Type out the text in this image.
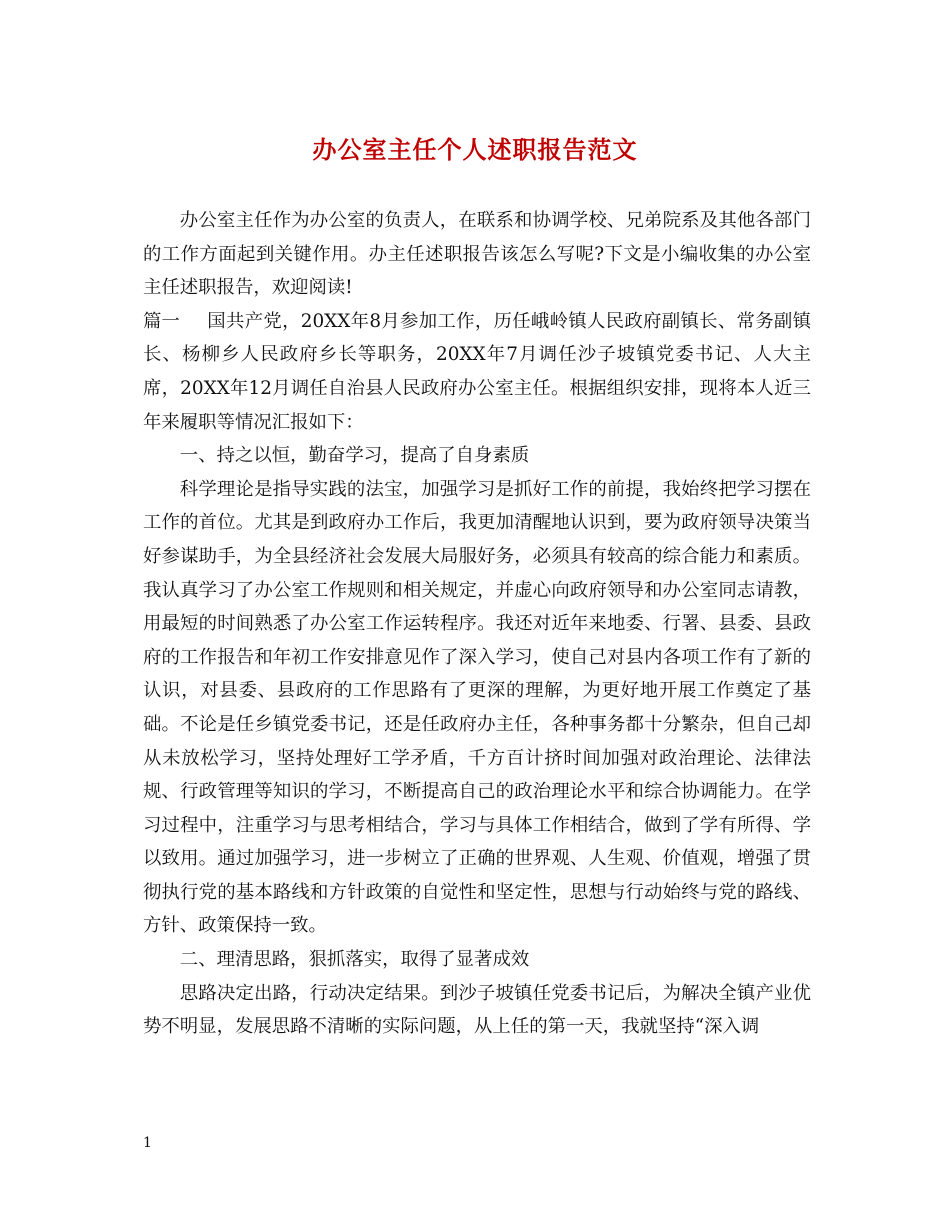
办公室主任个人述职报告范文

办公室主任作为办公室的负责人，在联系和协调学校、兄弟院系及其他各部门的工作方面起到关键作用。办主任述职报告该怎么写呢?下文是小编收集的办公室主任述职报告，欢迎阅读!

篇一 国共产党，20XX年8月参加工作，历任峨岭镇人民政府副镇长、常务副镇长、杨柳乡人民政府乡长等职务，20XX年7月调任沙子坡镇党委书记、人大主席，20XX年12月调任自治县人民政府办公室主任。根据组织安排，现将本人近三年来履职等情况汇报如下：

一、持之以恒，勤奋学习，提高了自身素质

科学理论是指导实践的法宝，加强学习是抓好工作的前提，我始终把学习摆在工作的首位。尤其是到政府办工作后，我更加清醒地认识到，要为政府领导决策当好参谋助手，为全县经济社会发展大局服好务，必须具有较高的综合能力和素质。我认真学习了办公室工作规则和相关规定，并虚心向政府领导和办公室同志请教，用最短的时间熟悉了办公室工作运转程序。我还对近年来地委、行署、县委、县政府的工作报告和年初工作安排意见作了深入学习，使自己对县内各项工作有了新的认识，对县委、县政府的工作思路有了更深的理解，为更好地开展工作奠定了基础。不论是任乡镇党委书记，还是任政府办主任，各种事务都十分繁杂，但自己却从未放松学习，坚持处理好工学矛盾，千方百计挤时间加强对政治理论、法律法规、行政管理等知识的学习，不断提高自己的政治理论水平和综合协调能力。在学习过程中，注重学习与思考相结合，学习与具体工作相结合，做到了学有所得、学以致用。通过加强学习，进一步树立了正确的世界观、人生观、价值观，增强了贯彻执行党的基本路线和方针政策的自觉性和坚定性，思想与行动始终与党的路线、方针、政策保持一致。

二、理清思路，狠抓落实，取得了显著成效

思路决定出路，行动决定结果。到沙子坡镇任党委书记后，为解决全镇产业优势不明显，发展思路不清晰的实际问题，从上任的第一天，我就坚持“深入调

1
